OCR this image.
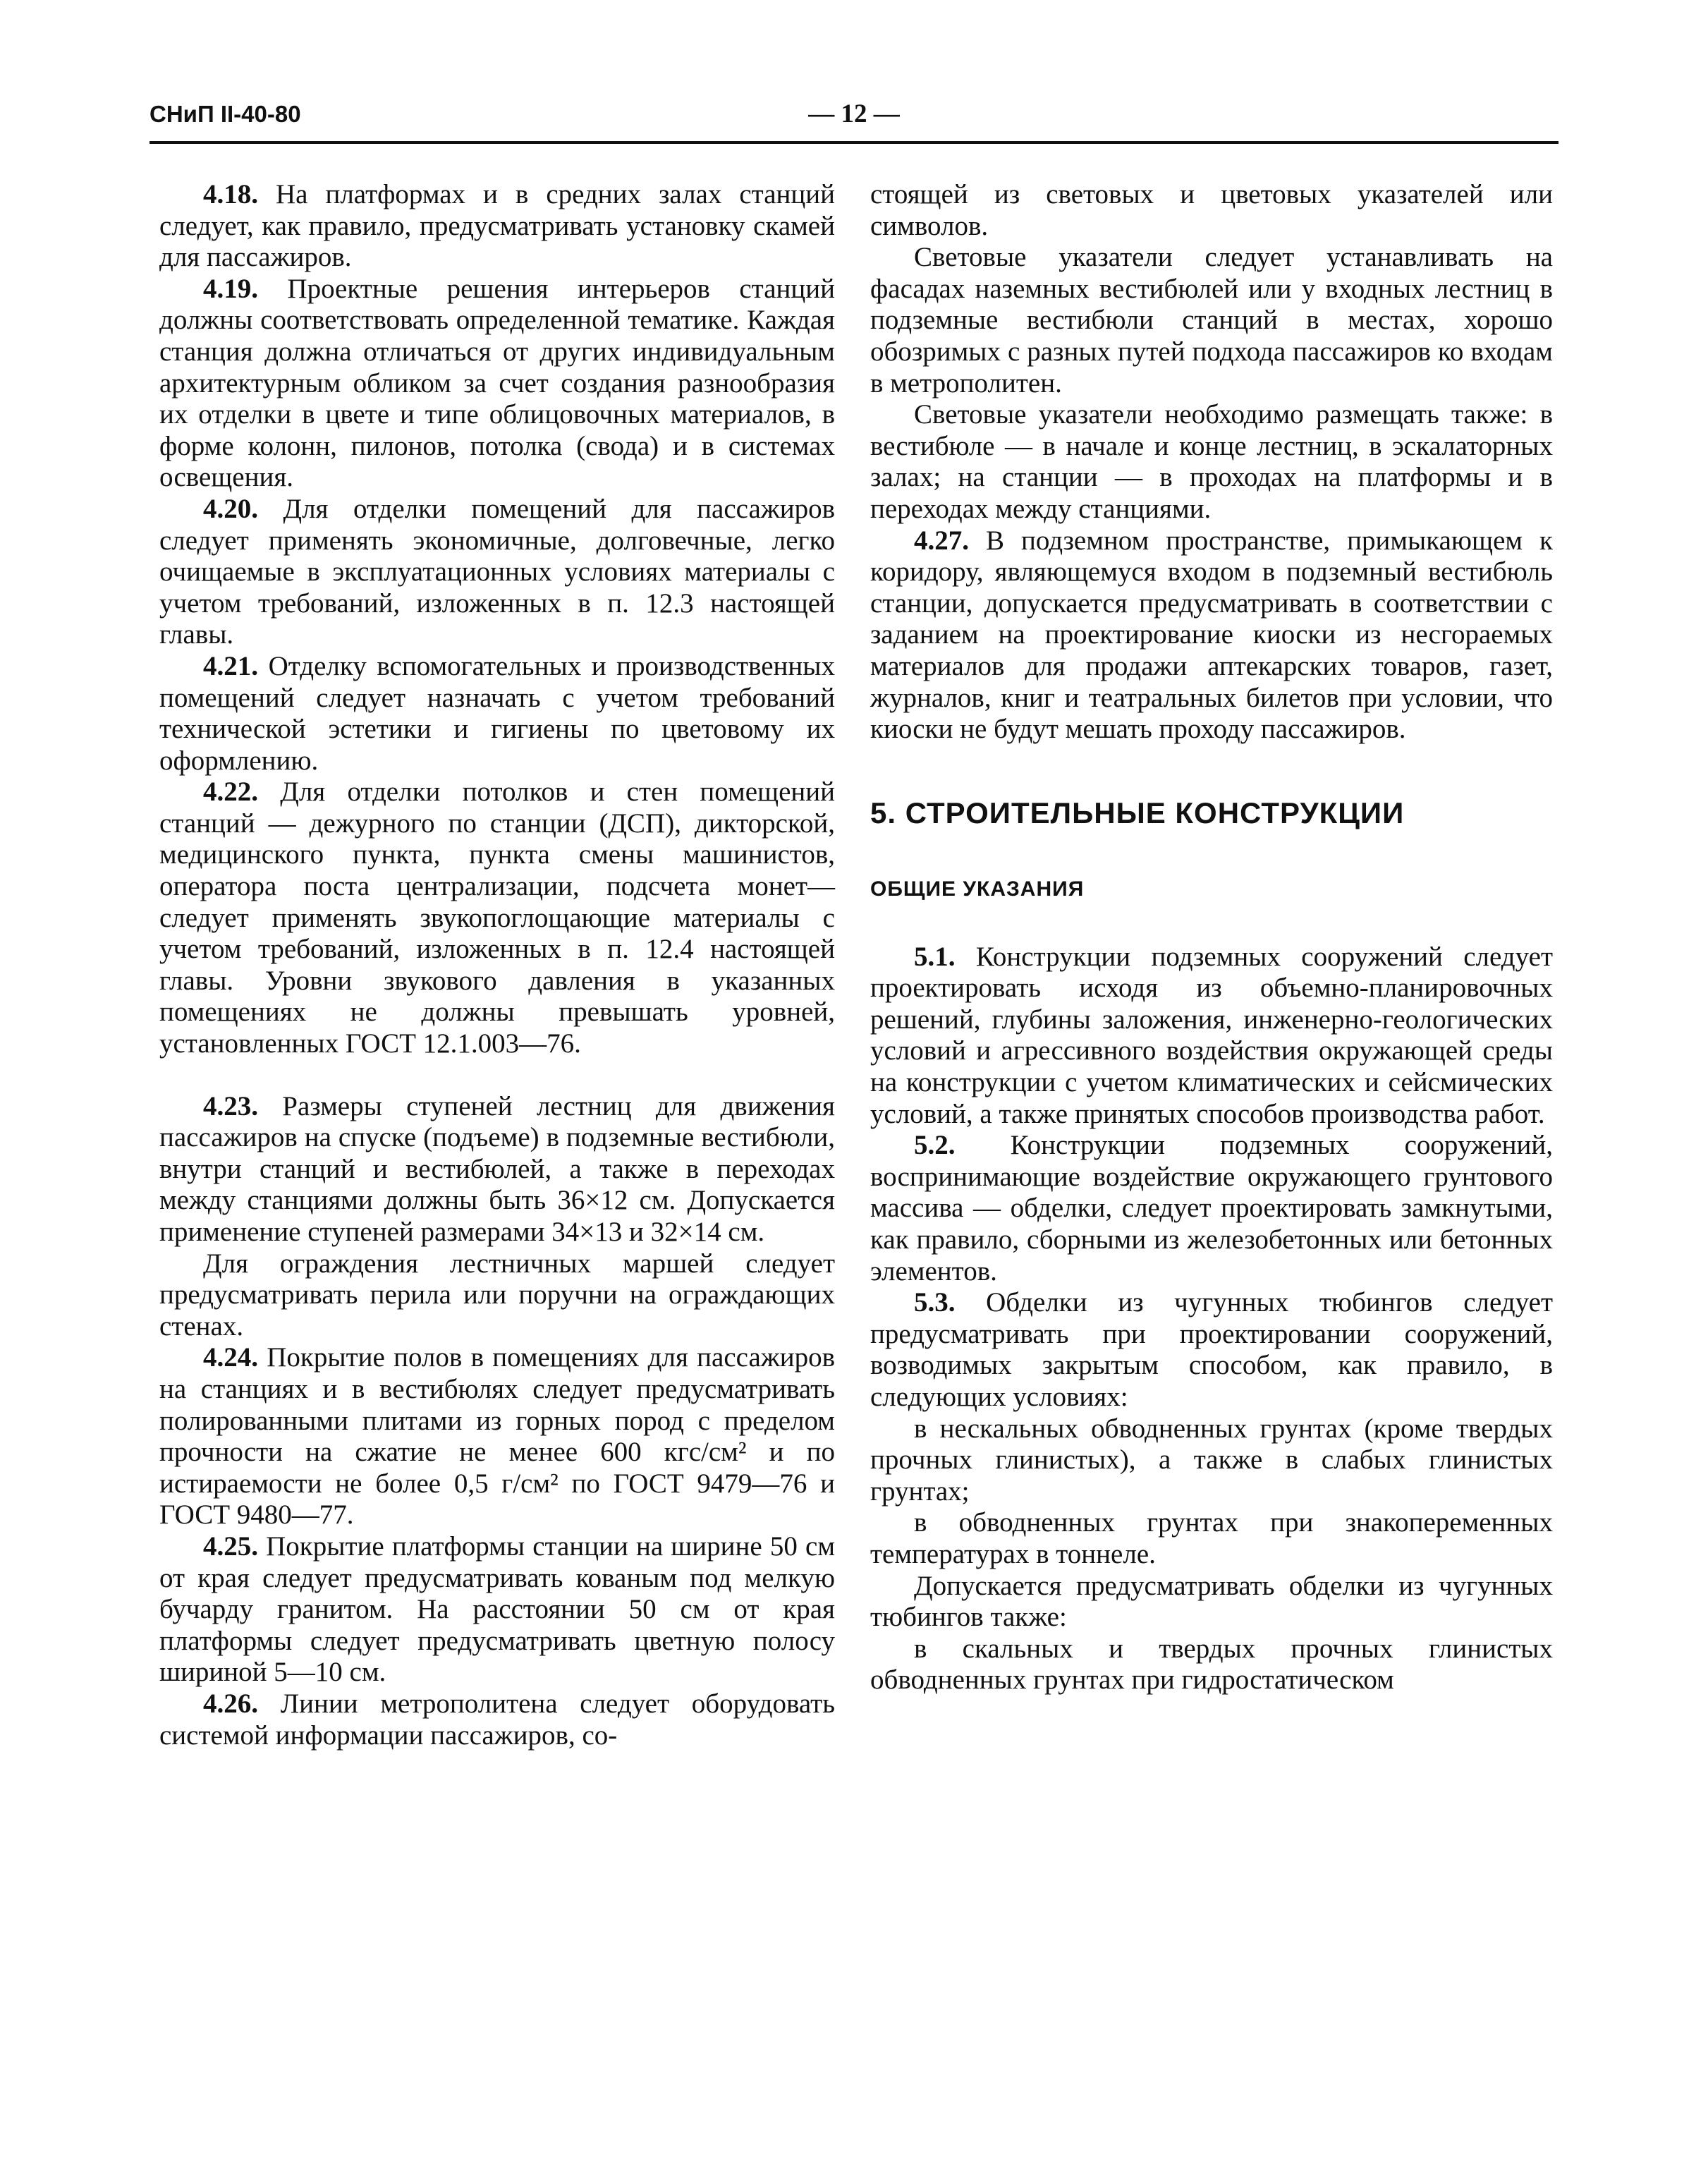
СНиП II-40-80	— 12 —

4.18. На платформах и в средних залах станций следует, как правило, предусматривать установку скамей для пассажиров.

4.19. Проектные решения интерьеров станций должны соответствовать определенной тематике. Каждая станция должна отличаться от других индивидуальным архитектурным обликом за счет создания разнообразия их отделки в цвете и типе облицовочных материалов, в форме колонн, пилонов, потолка (свода) и в системах освещения.

4.20. Для отделки помещений для пассажиров следует применять экономичные, долговечные, легко очищаемые в эксплуатационных условиях материалы с учетом требований, изложенных в п. 12.3 настоящей главы.

4.21. Отделку вспомогательных и производственных помещений следует назначать с учетом требований технической эстетики и гигиены по цветовому их оформлению.

4.22. Для отделки потолков и стен помещений станций — дежурного по станции (ДСП), дикторской, медицинского пункта, пункта смены машинистов, оператора поста централизации, подсчета монет—следует применять звукопоглощающие материалы с учетом требований, изложенных в п. 12.4 настоящей главы. Уровни звукового давления в указанных помещениях не должны превышать уровней, установленных ГОСТ 12.1.003—76.

4.23. Размеры ступеней лестниц для движения пассажиров на спуске (подъеме) в подземные вестибюли, внутри станций и вестибюлей, а также в переходах между станциями должны быть 36×12 см. Допускается применение ступеней размерами 34×13 и 32×14 см.

Для ограждения лестничных маршей следует предусматривать перила или поручни на ограждающих стенах.

4.24. Покрытие полов в помещениях для пассажиров на станциях и в вестибюлях следует предусматривать полированными плитами из горных пород с пределом прочности на сжатие не менее 600 кгс/см² и по истираемости не более 0,5 г/см² по ГОСТ 9479—76 и ГОСТ 9480—77.

4.25. Покрытие платформы станции на ширине 50 см от края следует предусматривать кованым под мелкую бучарду гранитом. На расстоянии 50 см от края платформы следует предусматривать цветную полосу шириной 5—10 см.

4.26. Линии метрополитена следует оборудовать системой информации пассажиров, со-

стоящей из световых и цветовых указателей или символов.

Световые указатели следует устанавливать на фасадах наземных вестибюлей или у входных лестниц в подземные вестибюли станций в местах, хорошо обозримых с разных путей подхода пассажиров ко входам в метрополитен.

Световые указатели необходимо размещать также: в вестибюле — в начале и конце лестниц, в эскалаторных залах; на станции — в проходах на платформы и в переходах между станциями.

4.27. В подземном пространстве, примыкающем к коридору, являющемуся входом в подземный вестибюль станции, допускается предусматривать в соответствии с заданием на проектирование киоски из несгораемых материалов для продажи аптекарских товаров, газет, журналов, книг и театральных билетов при условии, что киоски не будут мешать проходу пассажиров.

5. СТРОИТЕЛЬНЫЕ КОНСТРУКЦИИ
ОБЩИЕ УКАЗАНИЯ

5.1. Конструкции подземных сооружений следует проектировать исходя из объемно-планировочных решений, глубины заложения, инженерно-геологических условий и агрессивного воздействия окружающей среды на конструкции с учетом климатических и сейсмических условий, а также принятых способов производства работ.

5.2. Конструкции подземных сооружений, воспринимающие воздействие окружающего грунтового массива — обделки, следует проектировать замкнутыми, как правило, сборными из железобетонных или бетонных элементов.

5.3. Обделки из чугунных тюбингов следует предусматривать при проектировании сооружений, возводимых закрытым способом, как правило, в следующих условиях:

в нескальных обводненных грунтах (кроме твердых прочных глинистых), а также в слабых глинистых грунтах;

в обводненных грунтах при знакопеременных температурах в тоннеле.

Допускается предусматривать обделки из чугунных тюбингов также:

в скальных и твердых прочных глинистых обводненных грунтах при гидростатическом
